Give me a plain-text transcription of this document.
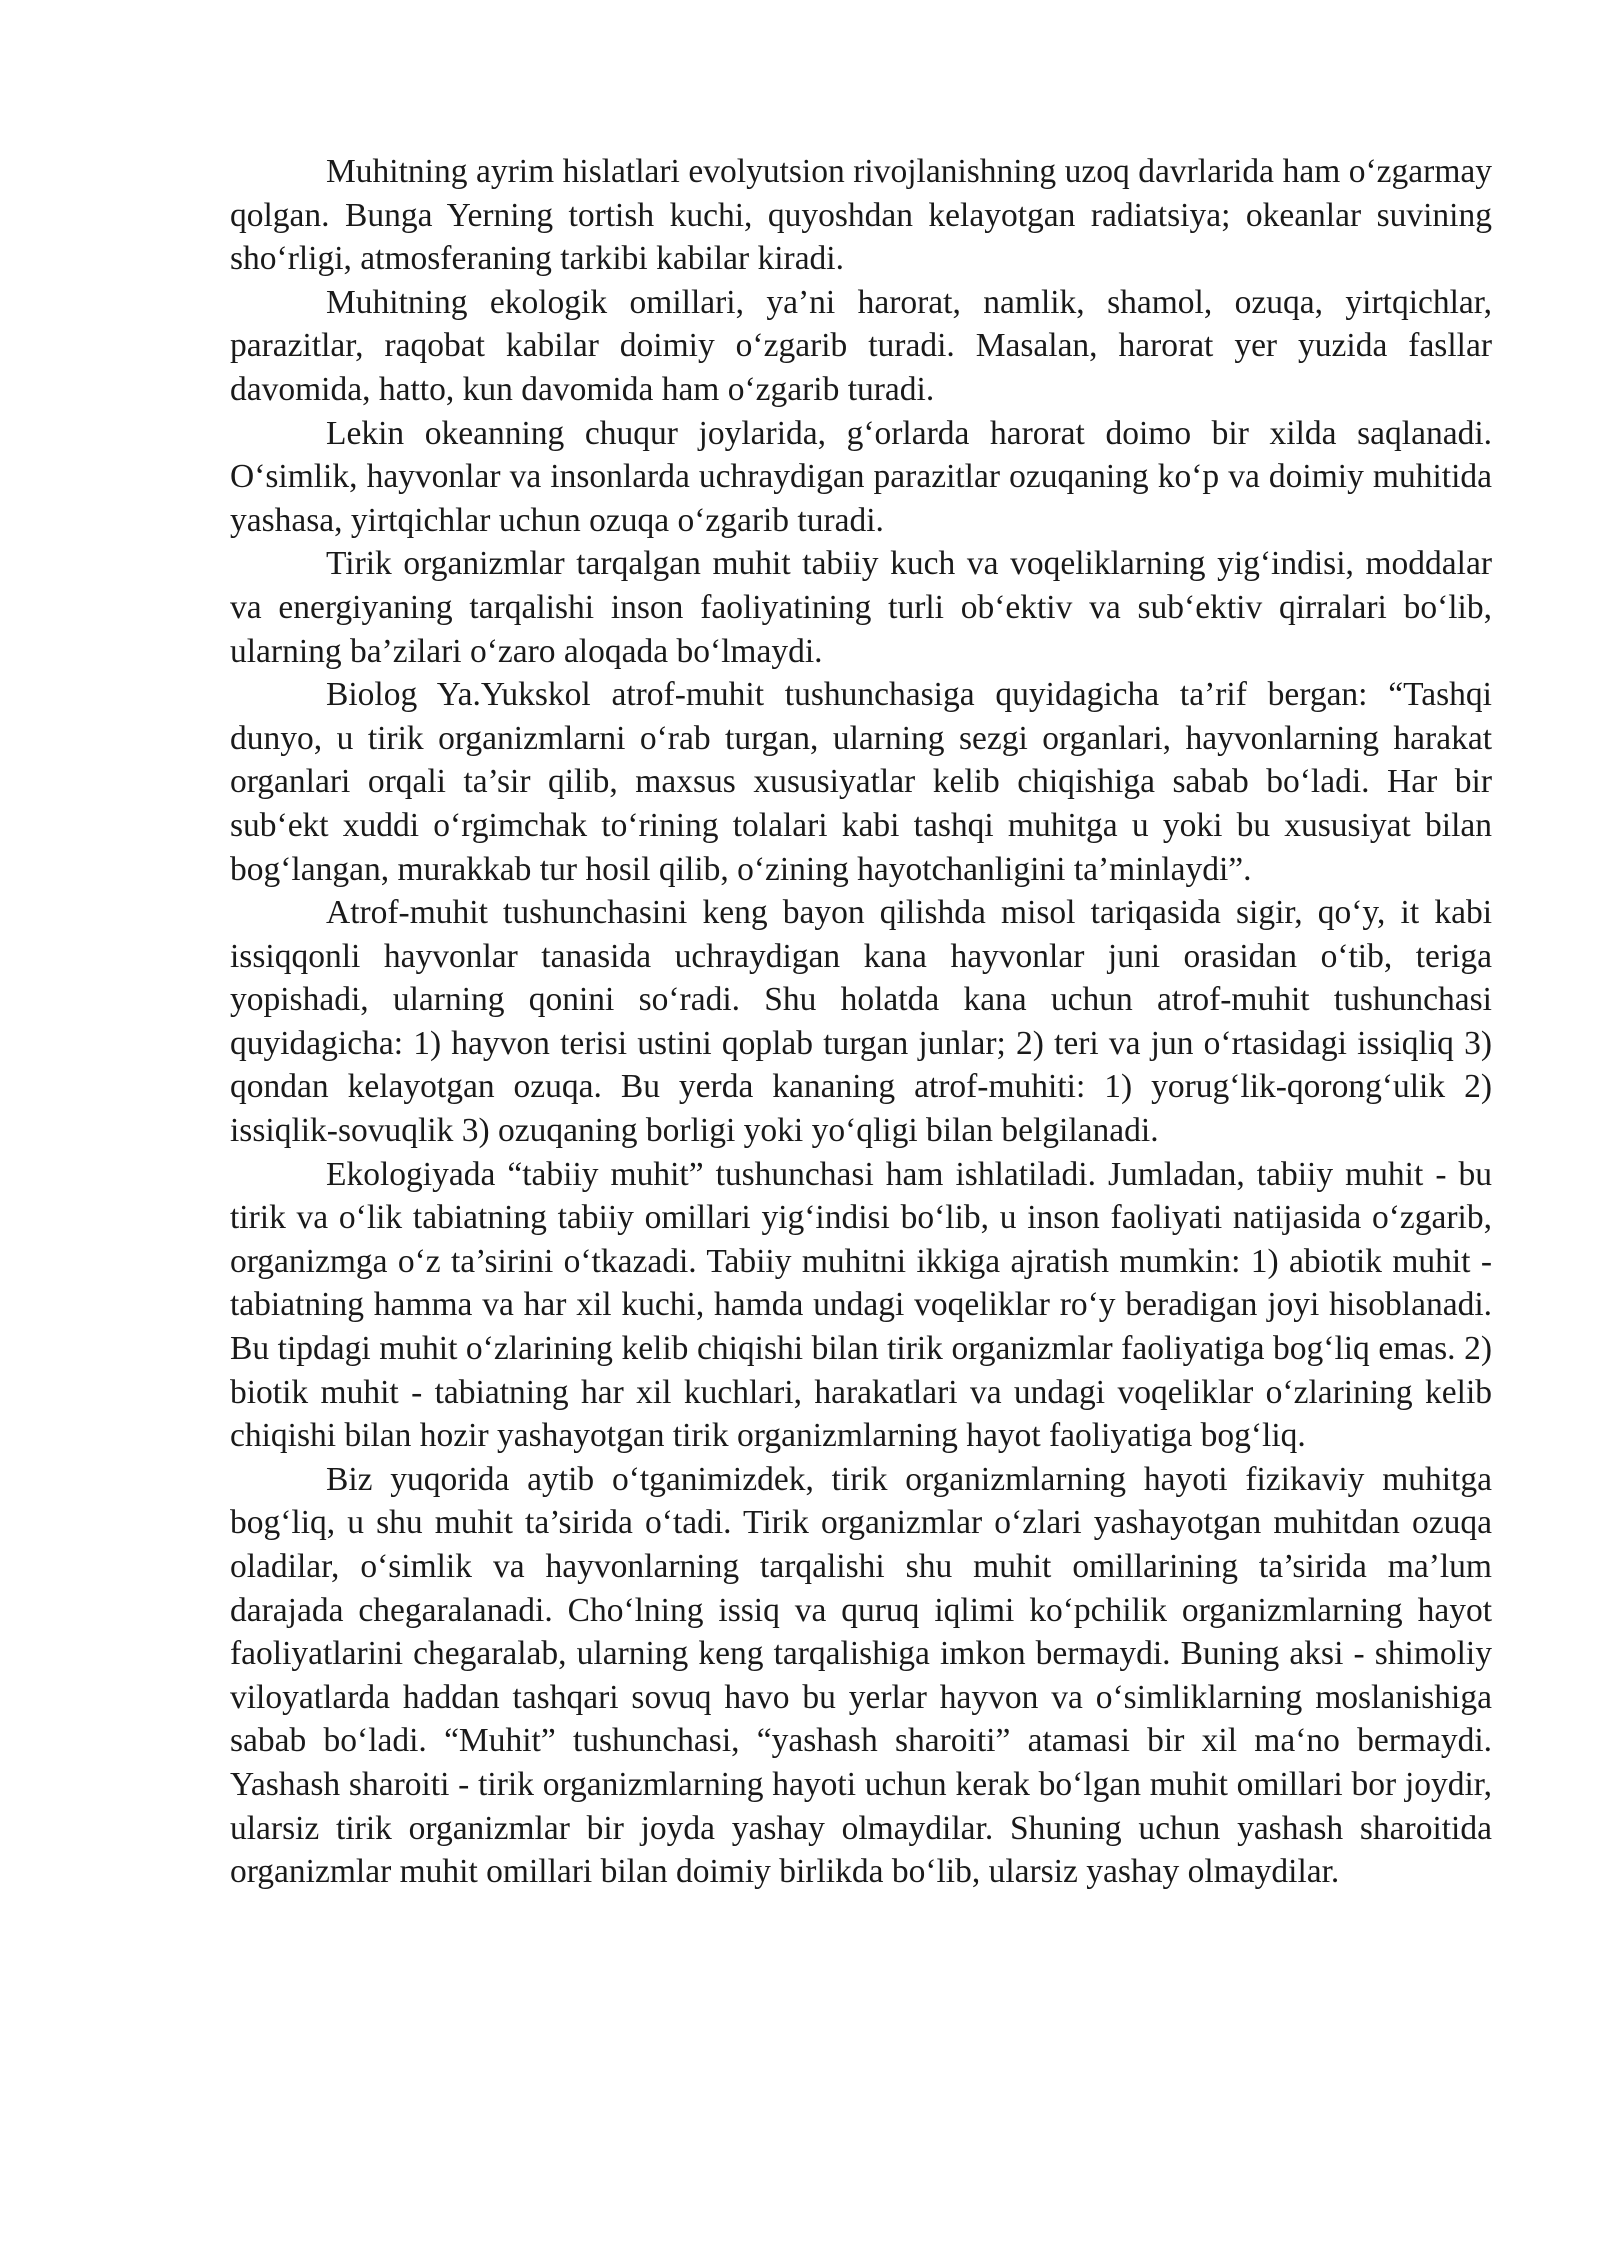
Muhitning ayrim hislatlari evolyutsion rivojlanishning uzoq davrlarida ham o‘zgarmay qolgan. Bunga Yerning tortish kuchi, quyoshdan kelayotgan radiatsiya; okeanlar suvining sho‘rligi, atmosferaning tarkibi kabilar kiradi.

Muhitning ekologik omillari, ya’ni harorat, namlik, shamol, ozuqa, yirtqichlar, parazitlar, raqobat kabilar doimiy o‘zgarib turadi. Masalan, harorat yer yuzida fasllar davomida, hatto, kun davomida ham o‘zgarib turadi.

Lekin okeanning chuqur joylarida, g‘orlarda harorat doimo bir xilda saqlanadi. O‘simlik, hayvonlar va insonlarda uchraydigan parazitlar ozuqaning ko‘p va doimiy muhitida yashasa, yirtqichlar uchun ozuqa o‘zgarib turadi.

Tirik organizmlar tarqalgan muhit tabiiy kuch va voqeliklarning yig‘indisi, moddalar va energiyaning tarqalishi inson faoliyatining turli ob‘ektiv va sub‘ektiv qirralari bo‘lib, ularning ba’zilari o‘zaro aloqada bo‘lmaydi.

Biolog Ya.Yukskol atrof-muhit tushunchasiga quyidagicha ta’rif bergan: “Tashqi dunyo, u tirik organizmlarni o‘rab turgan, ularning sezgi organlari, hayvonlarning harakat organlari orqali ta’sir qilib, maxsus xususiyatlar kelib chiqishiga sabab bo‘ladi. Har bir sub‘ekt xuddi o‘rgimchak to‘rining tolalari kabi tashqi muhitga u yoki bu xususiyat bilan bog‘langan, murakkab tur hosil qilib, o‘zining hayotchanligini ta’minlaydi”.

Atrof-muhit tushunchasini keng bayon qilishda misol tariqasida sigir, qo‘y, it kabi issiqqonli hayvonlar tanasida uchraydigan kana hayvonlar juni orasidan o‘tib, teriga yopishadi, ularning qonini so‘radi. Shu holatda kana uchun atrof-muhit tushunchasi quyidagicha: 1) hayvon terisi ustini qoplab turgan junlar; 2) teri va jun o‘rtasidagi issiqliq 3) qondan kelayotgan ozuqa. Bu yerda kananing atrof-muhiti: 1) yorug‘lik-qorong‘ulik 2) issiqlik-sovuqlik 3) ozuqaning borligi yoki yo‘qligi bilan belgilanadi.

Ekologiyada “tabiiy muhit” tushunchasi ham ishlatiladi. Jumladan, tabiiy muhit - bu tirik va o‘lik tabiatning tabiiy omillari yig‘indisi bo‘lib, u inson faoliyati natijasida o‘zgarib, organizmga o‘z ta’sirini o‘tkazadi. Tabiiy muhitni ikkiga ajratish mumkin: 1) abiotik muhit - tabiatning hamma va har xil kuchi, hamda undagi voqeliklar ro‘y beradigan joyi hisoblanadi. Bu tipdagi muhit o‘zlarining kelib chiqishi bilan tirik organizmlar faoliyatiga bog‘liq emas. 2) biotik muhit - tabiatning har xil kuchlari, harakatlari va undagi voqeliklar o‘zlarining kelib chiqishi bilan hozir yashayotgan tirik organizmlarning hayot faoliyatiga bog‘liq.

Biz yuqorida aytib o‘tganimizdek, tirik organizmlarning hayoti fizikaviy muhitga bog‘liq, u shu muhit ta’sirida o‘tadi. Tirik organizmlar o‘zlari yashayotgan muhitdan ozuqa oladilar, o‘simlik va hayvonlarning tarqalishi shu muhit omillarining ta’sirida ma’lum darajada chegaralanadi. Cho‘lning issiq va quruq iqlimi ko‘pchilik organizmlarning hayot faoliyatlarini chegaralab, ularning keng tarqalishiga imkon bermaydi. Buning aksi - shimoliy viloyatlarda haddan tashqari sovuq havo bu yerlar hayvon va o‘simliklarning moslanishiga sabab bo‘ladi. “Muhit” tushunchasi, “yashash sharoiti” atamasi bir xil ma‘no bermaydi. Yashash sharoiti - tirik organizmlarning hayoti uchun kerak bo‘lgan muhit omillari bor joydir, ularsiz tirik organizmlar bir joyda yashay olmaydilar. Shuning uchun yashash sharoitida organizmlar muhit omillari bilan doimiy birlikda bo‘lib, ularsiz yashay olmaydilar.
